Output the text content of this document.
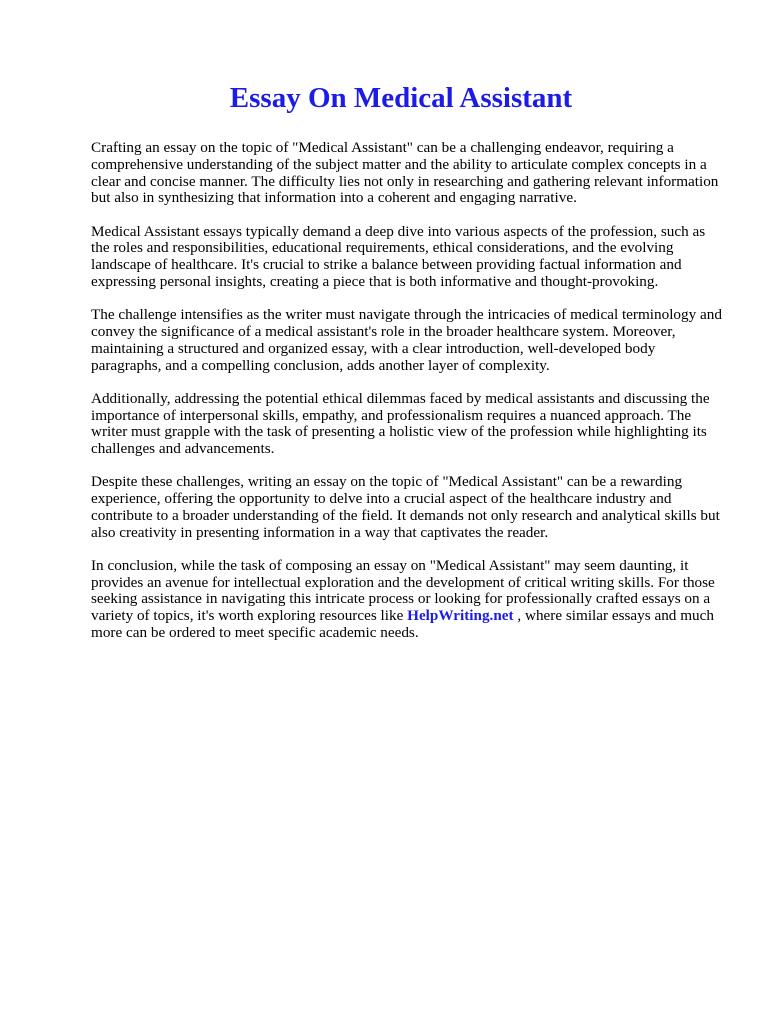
Essay On Medical Assistant

Crafting an essay on the topic of "Medical Assistant" can be a challenging endeavor, requiring a comprehensive understanding of the subject matter and the ability to articulate complex concepts in a clear and concise manner. The difficulty lies not only in researching and gathering relevant information but also in synthesizing that information into a coherent and engaging narrative.

Medical Assistant essays typically demand a deep dive into various aspects of the profession, such as the roles and responsibilities, educational requirements, ethical considerations, and the evolving landscape of healthcare. It's crucial to strike a balance between providing factual information and expressing personal insights, creating a piece that is both informative and thought-provoking.

The challenge intensifies as the writer must navigate through the intricacies of medical terminology and convey the significance of a medical assistant's role in the broader healthcare system. Moreover, maintaining a structured and organized essay, with a clear introduction, well-developed body paragraphs, and a compelling conclusion, adds another layer of complexity.

Additionally, addressing the potential ethical dilemmas faced by medical assistants and discussing the importance of interpersonal skills, empathy, and professionalism requires a nuanced approach. The writer must grapple with the task of presenting a holistic view of the profession while highlighting its challenges and advancements.

Despite these challenges, writing an essay on the topic of "Medical Assistant" can be a rewarding experience, offering the opportunity to delve into a crucial aspect of the healthcare industry and contribute to a broader understanding of the field. It demands not only research and analytical skills but also creativity in presenting information in a way that captivates the reader.

In conclusion, while the task of composing an essay on "Medical Assistant" may seem daunting, it provides an avenue for intellectual exploration and the development of critical writing skills. For those seeking assistance in navigating this intricate process or looking for professionally crafted essays on a variety of topics, it's worth exploring resources like HelpWriting.net , where similar essays and much more can be ordered to meet specific academic needs.
